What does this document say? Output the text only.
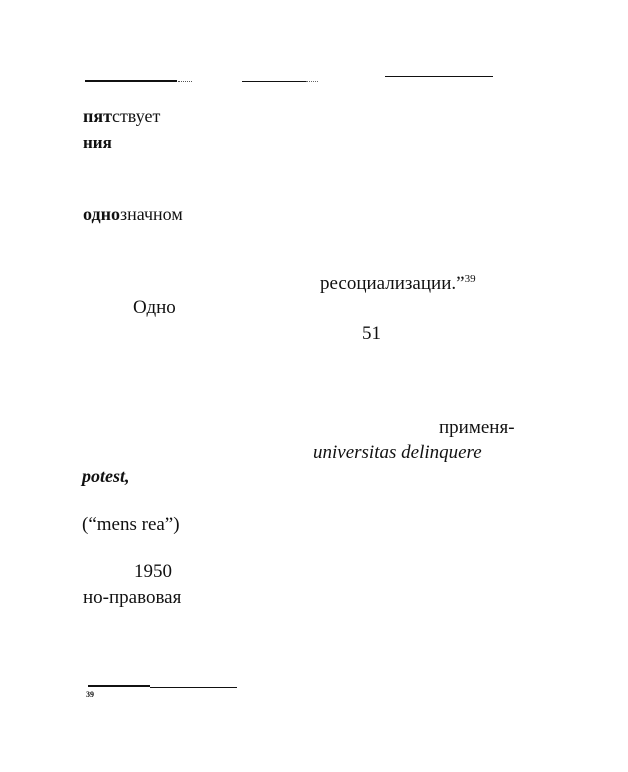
пятствует
ния
однозначном
ресоциализации.”$^{39}$
Одно
51
применя-
universitas delinquere
potest,
(“mens rea”)
1950
но-правовая
39
